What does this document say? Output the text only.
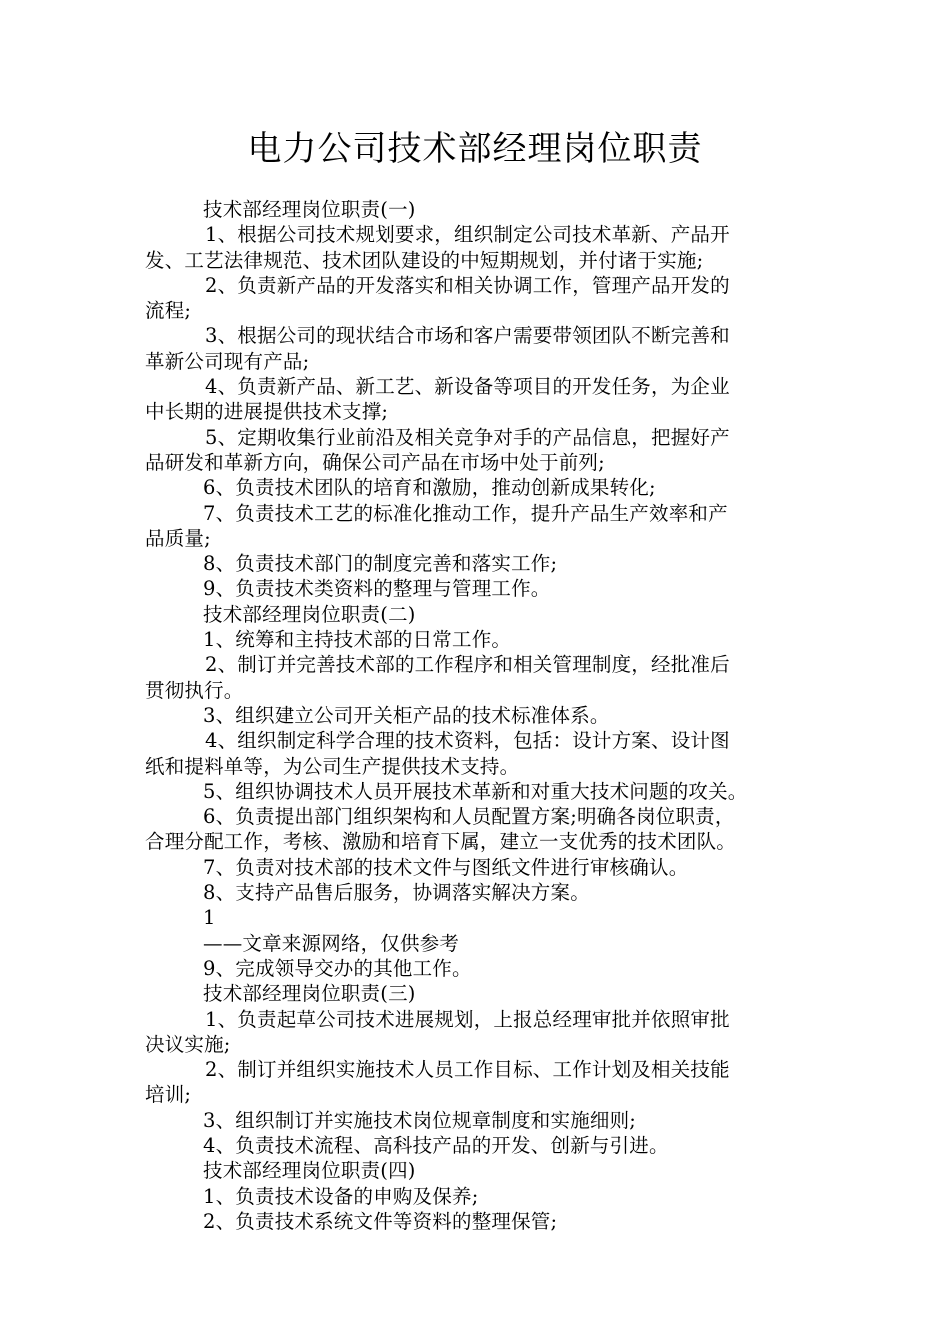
电力公司技术部经理岗位职责
技术部经理岗位职责(一)
1、根据公司技术规划要求，组织制定公司技术革新、产品开
发、工艺法律规范、技术团队建设的中短期规划，并付诸于实施;
2、负责新产品的开发落实和相关协调工作，管理产品开发的
流程;
3、根据公司的现状结合市场和客户需要带领团队不断完善和
革新公司现有产品;
4、负责新产品、新工艺、新设备等项目的开发任务，为企业
中长期的进展提供技术支撑;
5、定期收集行业前沿及相关竞争对手的产品信息，把握好产
品研发和革新方向，确保公司产品在市场中处于前列;
6、负责技术团队的培育和激励，推动创新成果转化;
7、负责技术工艺的标准化推动工作，提升产品生产效率和产
品质量;
8、负责技术部门的制度完善和落实工作;
9、负责技术类资料的整理与管理工作。
技术部经理岗位职责(二)
1、统筹和主持技术部的日常工作。
2、制订并完善技术部的工作程序和相关管理制度，经批准后
贯彻执行。
3、组织建立公司开关柜产品的技术标准体系。
4、组织制定科学合理的技术资料，包括：设计方案、设计图
纸和提料单等，为公司生产提供技术支持。
5、组织协调技术人员开展技术革新和对重大技术问题的攻关。
6、负责提出部门组织架构和人员配置方案;明确各岗位职责，
合理分配工作，考核、激励和培育下属，建立一支优秀的技术团队。
7、负责对技术部的技术文件与图纸文件进行审核确认。
8、支持产品售后服务，协调落实解决方案。
1
——文章来源网络，仅供参考
9、完成领导交办的其他工作。
技术部经理岗位职责(三)
1、负责起草公司技术进展规划，上报总经理审批并依照审批
决议实施;
2、制订并组织实施技术人员工作目标、工作计划及相关技能
培训;
3、组织制订并实施技术岗位规章制度和实施细则;
4、负责技术流程、高科技产品的开发、创新与引进。
技术部经理岗位职责(四)
1、负责技术设备的申购及保养;
2、负责技术系统文件等资料的整理保管;
